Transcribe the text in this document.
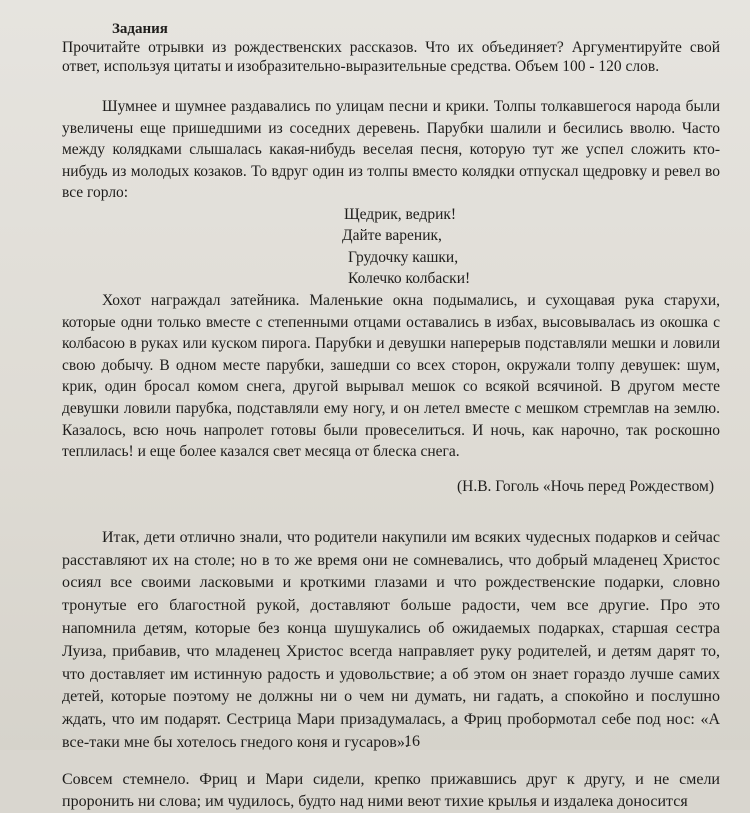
Задания

Прочитайте отрывки из рождественских рассказов. Что их объединяет? Аргументируйте свой ответ, используя цитаты и изобразительно-выразительные средства. Объем 100 - 120 слов.

Шумнее и шумнее раздавались по улицам песни и крики. Толпы толкавшегося народа были увеличены еще пришедшими из соседних деревень. Парубки шалили и бесились вволю. Часто между колядками слышалась какая-нибудь веселая песня, которую тут же успел сложить кто-нибудь из молодых козаков. То вдруг один из толпы вместо колядки отпускал щедровку и ревел во все горло:

Щедрик, ведрик!
Дайте вареник,
Грудочку кашки,
Колечко колбаски!

Хохот награждал затейника. Маленькие окна подымались, и сухощавая рука старухи, которые одни только вместе с степенными отцами оставались в избах, высовывалась из окошка с колбасою в руках или куском пирога. Парубки и девушки наперерыв подставляли мешки и ловили свою добычу. В одном месте парубки, зашедши со всех сторон, окружали толпу девушек: шум, крик, один бросал комом снега, другой вырывал мешок со всякой всячиной. В другом месте девушки ловили парубка, подставляли ему ногу, и он летел вместе с мешком стремглав на землю. Казалось, всю ночь напролет готовы были провеселиться. И ночь, как нарочно, так роскошно теплилась! и еще более казался свет месяца от блеска снега.

(Н.В. Гоголь «Ночь перед Рождеством)

Итак, дети отлично знали, что родители накупили им всяких чудесных подарков и сейчас расставляют их на столе; но в то же время они не сомневались, что добрый младенец Христос осиял все своими ласковыми и кроткими глазами и что рождественские подарки, словно тронутые его благостной рукой, доставляют больше радости, чем все другие. Про это напомнила детям, которые без конца шушукались об ожидаемых подарках, старшая сестра Луиза, прибавив, что младенец Христос всегда направляет руку родителей, и детям дарят то, что доставляет им истинную радость и удовольствие; а об этом он знает гораздо лучше самих детей, которые поэтому не должны ни о чем ни думать, ни гадать, а спокойно и послушно ждать, что им подарят. Сестрица Мари призадумалась, а Фриц пробормотал себе под нос: «А все-таки мне бы хотелось гнедого коня и гусаров».

Совсем стемнело. Фриц и Мари сидели, крепко прижавшись друг к другу, и не смели проронить ни слова; им чудилось, будто над ними веют тихие крылья и издалека доносится

16
